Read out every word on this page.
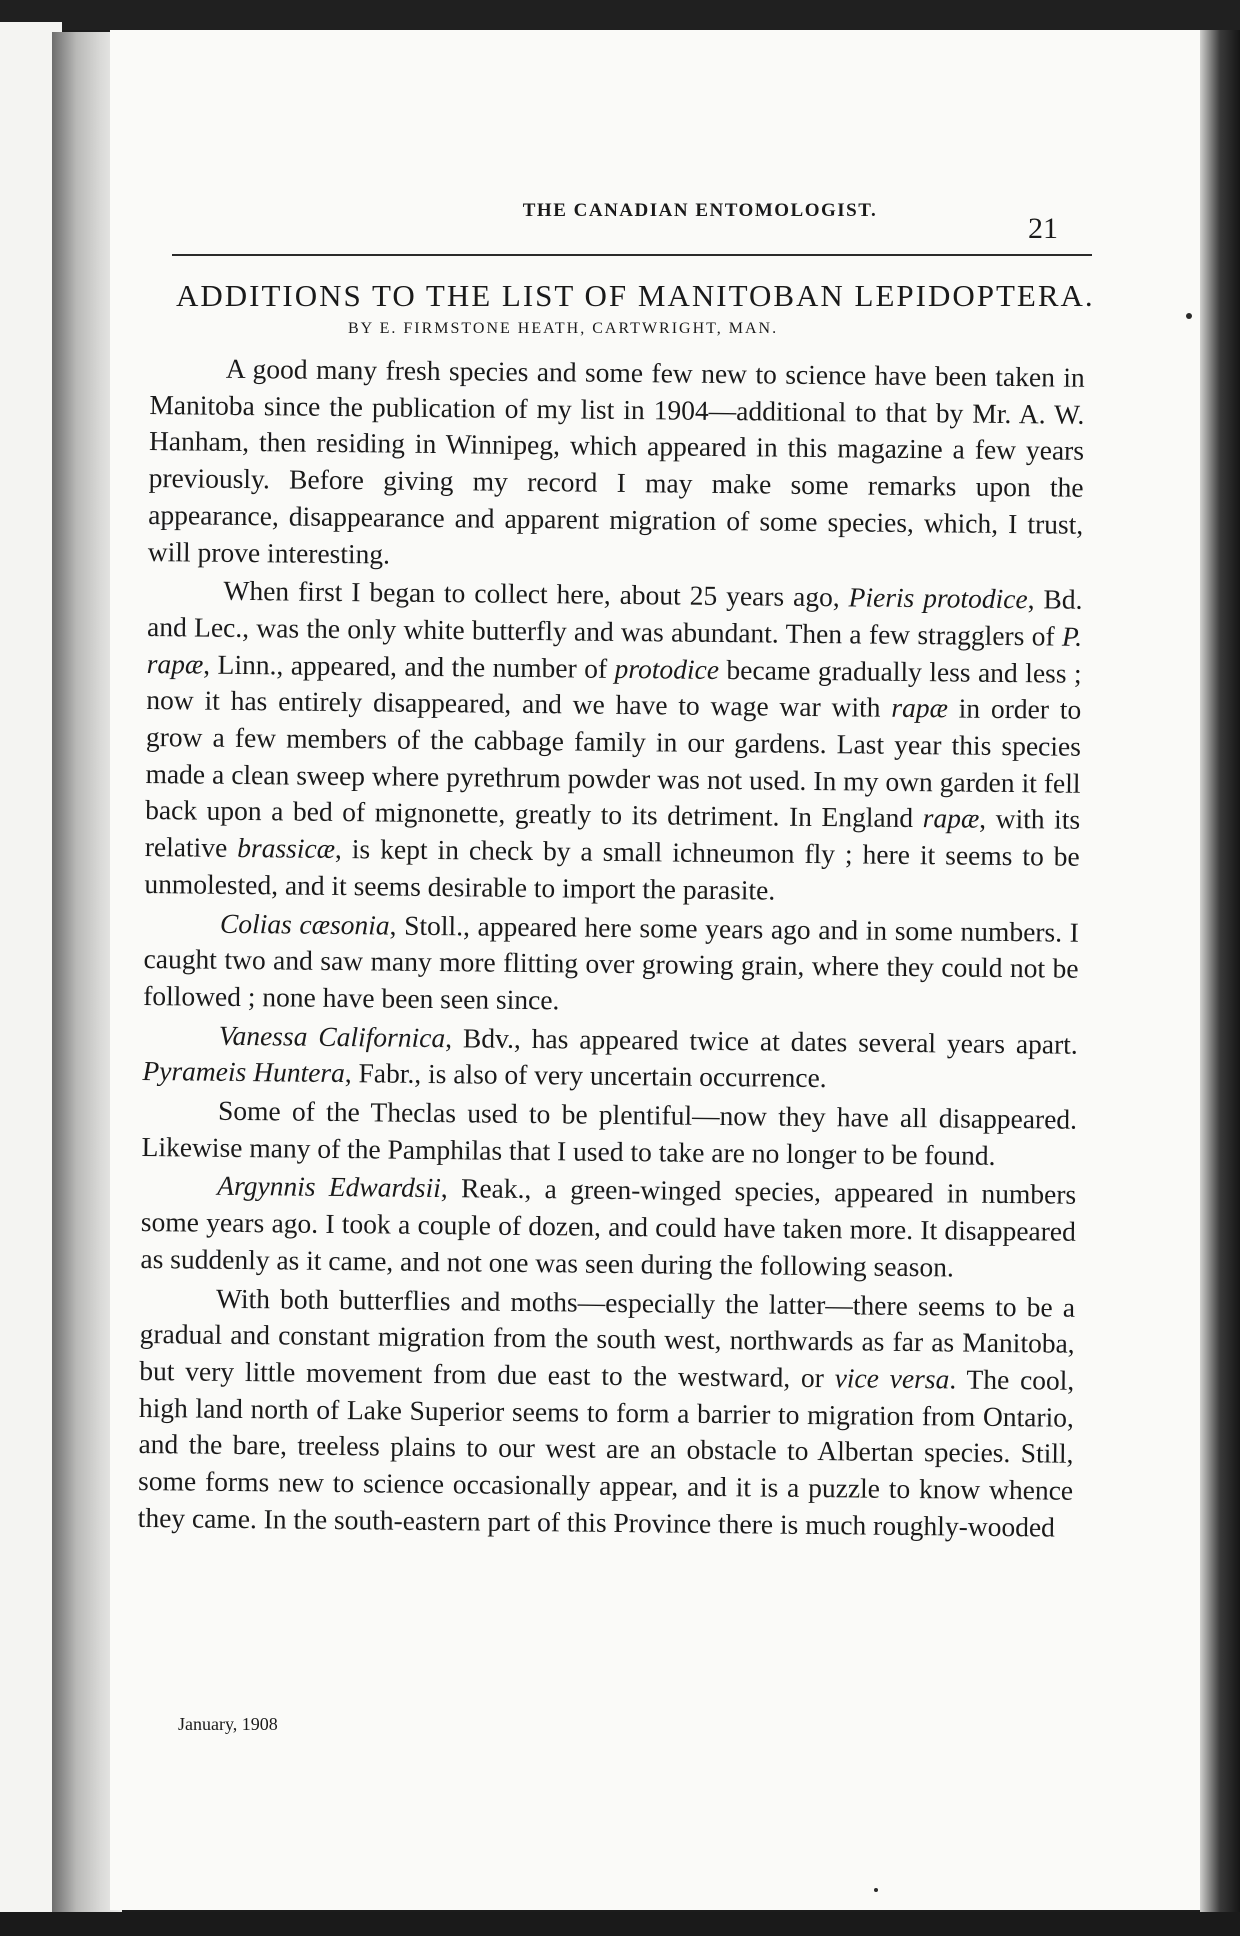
THE CANADIAN ENTOMOLOGIST.
21
ADDITIONS TO THE LIST OF MANITOBAN LEPIDOPTERA.
BY E. FIRMSTONE HEATH, CARTWRIGHT, MAN.

A good many fresh species and some few new to science have been taken in Manitoba since the publication of my list in 1904—additional to that by Mr. A. W. Hanham, then residing in Winnipeg, which appeared in this magazine a few years previously. Before giving my record I may make some remarks upon the appearance, disappearance and apparent migration of some species, which, I trust, will prove interesting.

When first I began to collect here, about 25 years ago, Pieris protodice, Bd. and Lec., was the only white butterfly and was abundant. Then a few stragglers of P. rapæ, Linn., appeared, and the number of protodice became gradually less and less ; now it has entirely disappeared, and we have to wage war with rapæ in order to grow a few members of the cabbage family in our gardens. Last year this species made a clean sweep where pyrethrum powder was not used. In my own garden it fell back upon a bed of mignonette, greatly to its detriment. In England rapæ, with its relative brassicæ, is kept in check by a small ichneumon fly ; here it seems to be unmolested, and it seems desirable to import the parasite.

Colias cæsonia, Stoll., appeared here some years ago and in some numbers. I caught two and saw many more flitting over growing grain, where they could not be followed ; none have been seen since.

Vanessa Californica, Bdv., has appeared twice at dates several years apart. Pyrameis Huntera, Fabr., is also of very uncertain occurrence.

Some of the Theclas used to be plentiful—now they have all disappeared. Likewise many of the Pamphilas that I used to take are no longer to be found.

Argynnis Edwardsii, Reak., a green-winged species, appeared in numbers some years ago. I took a couple of dozen, and could have taken more. It disappeared as suddenly as it came, and not one was seen during the following season.

With both butterflies and moths—especially the latter—there seems to be a gradual and constant migration from the south west, northwards as far as Manitoba, but very little movement from due east to the westward, or vice versa. The cool, high land north of Lake Superior seems to form a barrier to migration from Ontario, and the bare, treeless plains to our west are an obstacle to Albertan species. Still, some forms new to science occasionally appear, and it is a puzzle to know whence they came. In the south-eastern part of this Province there is much roughly-wooded

January, 1908
